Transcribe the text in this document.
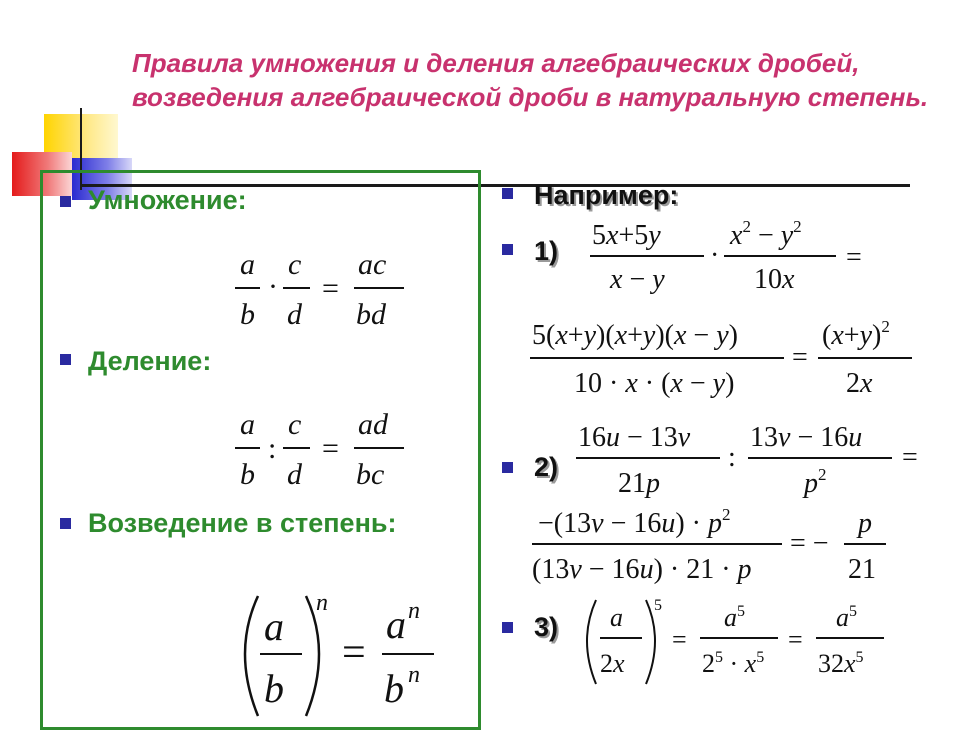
Правила умножения и деления алгебраических дробей, возведения алгебраической дроби в натуральную степень.
Умножение:
Деление:
Возведение в степень:
a
b
·
c
d
=
ac
bd
a
b
:
c
d
=
ad
bc
a
b
n
=
a n
b n
Например:
1) 5x+5y
x − y
·
$x^2 - y^2$
10x
=
5(x+y)(x+y)(x − y)
10 · x · (x − y)
=
$(x+y)^2$
2x
2)
16u − 13v
21p
:
13v − 16u
$p^2$
=
$-(13v - 16u) \cdot p^2$
(13v − 16u) · 21 · p
= −
p
21
3) a
2x
5
=
$a^5$
$2^5 \cdot x^5$
=
$a^5$
$32x^5$
